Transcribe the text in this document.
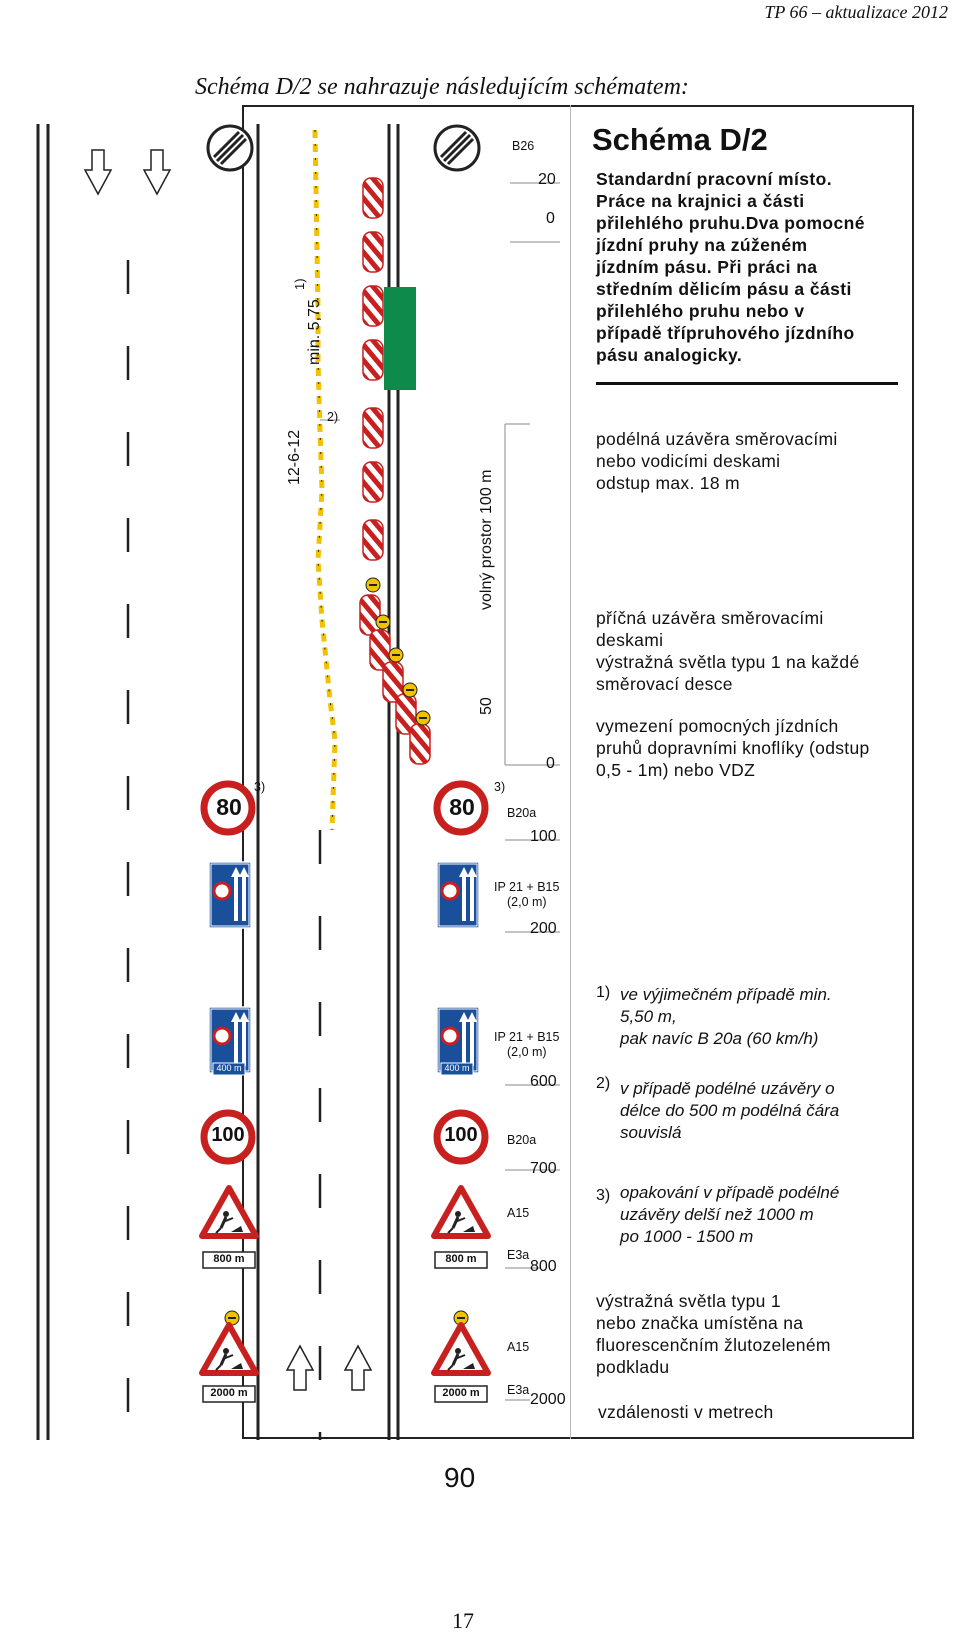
TP 66 – aktualizace 2012
Schéma D/2 se nahrazuje následujícím schématem:
80	80
100	100
400 m	400 m
800 m	800 m
2000 m	2000 m
min. 5,75
1)
12-6-12
volný prostor 100 m
50
2)
3)	3)
B26
B20a
IP 21 + B15
(2,0 m)
IP 21 + B15
(2,0 m)
B20a
A15
E3a
A15
E3a
20
0
0
100
200
600
700
800
2000
Schéma D/2
Standardní pracovní místo.
Práce na krajnici a části
přilehlého pruhu.Dva pomocné
jízdní pruhy na zúženém
jízdním pásu. Při práci na
středním dělicím pásu a části
přilehlého pruhu nebo v
případě třípruhového jízdního
pásu analogicky.
podélná uzávěra směrovacími
nebo vodicími deskami
odstup max. 18 m
příčná uzávěra směrovacími
deskami
výstražná světla typu 1 na každé
směrovací desce
vymezení pomocných jízdních
pruhů dopravními knoflíky (odstup
0,5 - 1m) nebo VDZ
1) ve výjimečném případě min.
5,50 m,
pak navíc B 20a (60 km/h)
2) v případě podélné uzávěry o
délce do 500 m podélná čára
souvislá
3) opakování v případě podélné
uzávěry delší než 1000 m
po 1000 - 1500 m
výstražná světla typu 1
nebo značka umístěna na
fluorescenčním žlutozeleném
podkladu
vzdálenosti v metrech
90
17
